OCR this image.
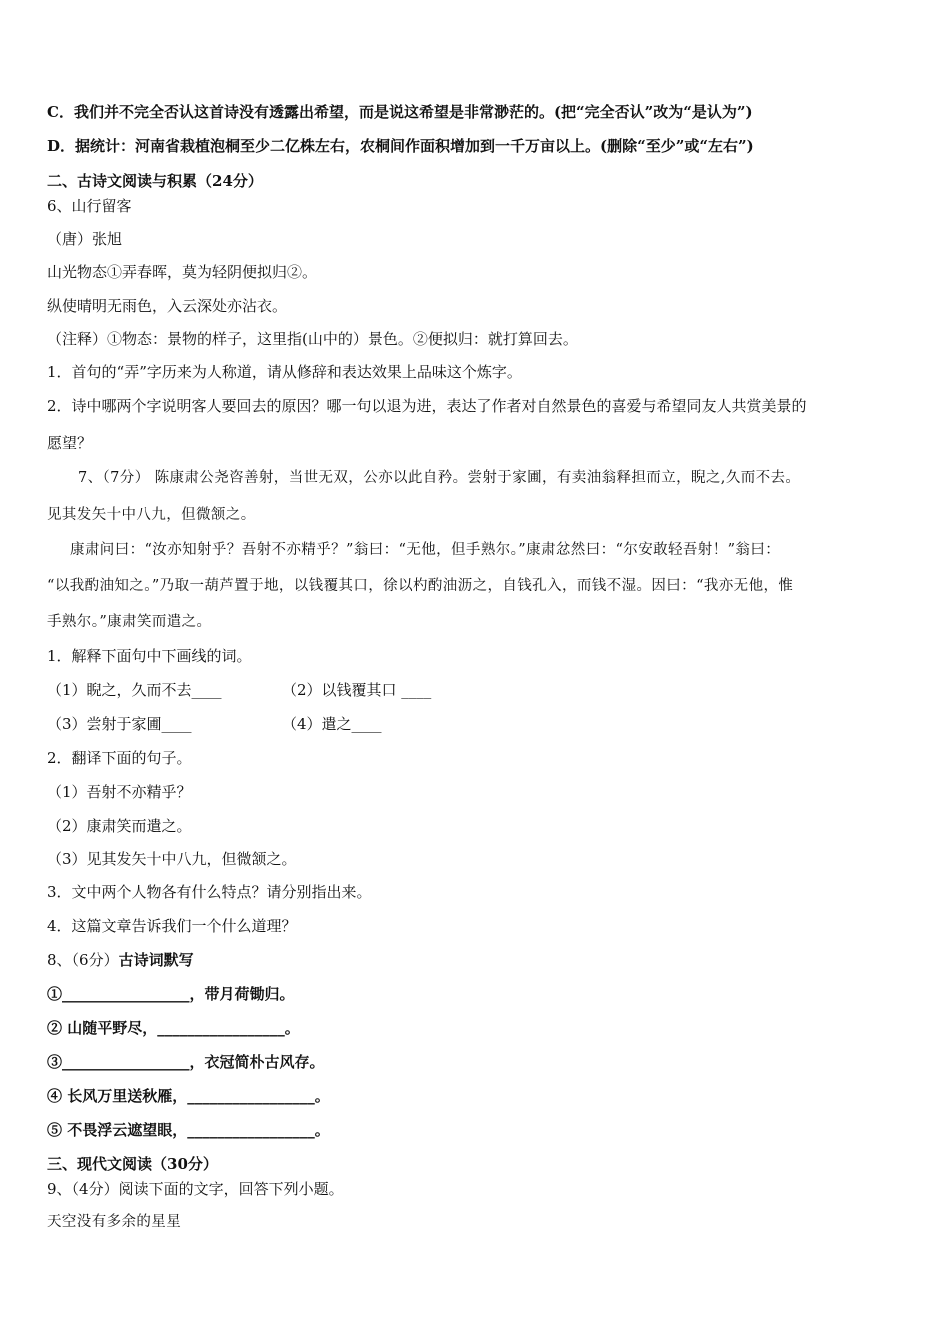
C．我们并不完全否认这首诗没有透露出希望，而是说这希望是非常渺茫的。(把“完全否认”改为“是认为”)
D．据统计：河南省栽植泡桐至少二亿株左右，农桐间作面积增加到一千万亩以上。(删除“至少”或“左右”)
二、古诗文阅读与积累（24分）
6、山行留客
（唐）张旭
山光物态①弄春晖，莫为轻阴便拟归②。
纵使晴明无雨色，入云深处亦沾衣。
（注释）①物态：景物的样子，这里指(山中的）景色。②便拟归：就打算回去。
1．首句的“弄”字历来为人称道，请从修辞和表达效果上品味这个炼字。
2．诗中哪两个字说明客人要回去的原因？哪一句以退为进，表达了作者对自然景色的喜爱与希望同友人共赏美景的
愿望？
7、（7分） 陈康肃公尧咨善射，当世无双，公亦以此自矜。尝射于家圃，有卖油翁释担而立，睨之,久而不去。
见其发矢十中八九，但微颔之。
康肃问曰：“汝亦知射乎？吾射不亦精乎？”翁曰：“无他，但手熟尔。”康肃忿然曰：“尔安敢轻吾射！”翁曰：
“以我酌油知之。”乃取一葫芦置于地，以钱覆其口，徐以杓酌油沥之，自钱孔入，而钱不湿。因曰：“我亦无他，惟
手熟尔。”康肃笑而遣之。
1．解释下面句中下画线的词。
（1）睨之，久而不去____	（2）以钱覆其口 ____
（3）尝射于家圃____	（4）遣之____
2．翻译下面的句子。
（1）吾射不亦精乎？
（2）康肃笑而遣之。
（3）见其发矢十中八九，但微颔之。
3．文中两个人物各有什么特点？请分别指出来。
4．这篇文章告诉我们一个什么道理？
8、（6分）古诗词默写
①_________________，带月荷锄归。
② 山随平野尽，_________________。
③_________________，衣冠简朴古风存。
④ 长风万里送秋雁，_________________。
⑤ 不畏浮云遮望眼，_________________。
三、现代文阅读（30分）
9、（4分）阅读下面的文字，回答下列小题。
天空没有多余的星星
